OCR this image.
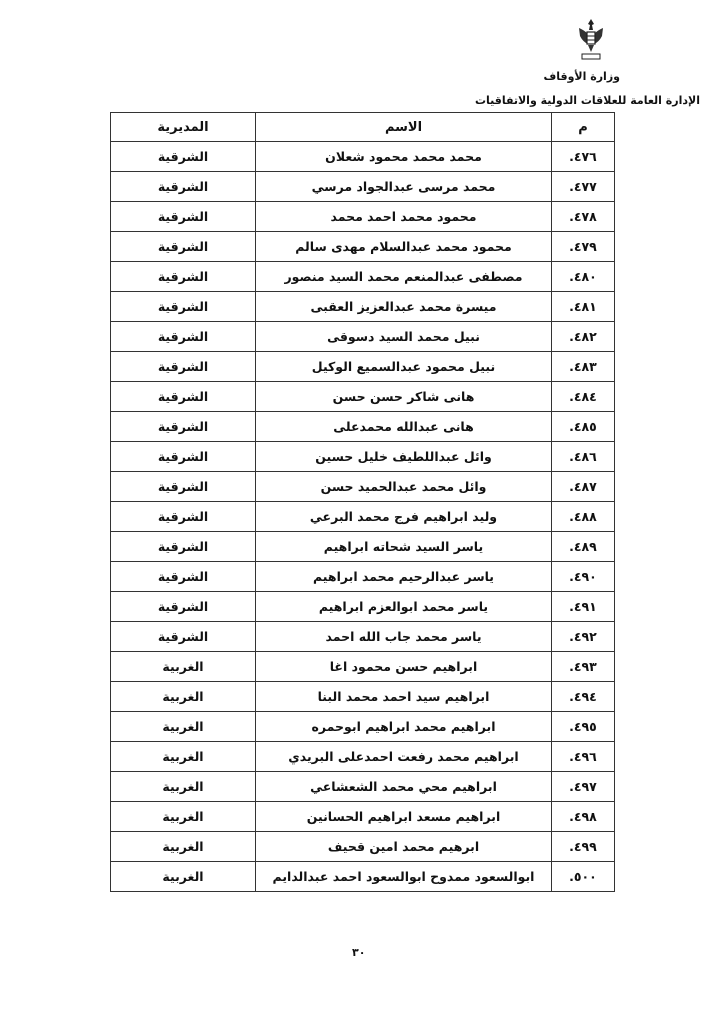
وزارة الأوقاف
الإدارة العامة للعلاقات الدولية والاتفاقيات
م	الاسم	المديرية
٤٧٦.	محمد محمد محمود شعلان	الشرقية
٤٧٧.	محمد مرسى عبدالجواد مرسي	الشرقية
٤٧٨.	محمود محمد احمد محمد	الشرقية
٤٧٩.	محمود محمد عبدالسلام مهدى سالم	الشرقية
٤٨٠.	مصطفى عبدالمنعم محمد السيد منصور	الشرقية
٤٨١.	ميسرة محمد عبدالعزيز العقبى	الشرقية
٤٨٢.	نبيل محمد السيد دسوقى	الشرقية
٤٨٣.	نبيل محمود عبدالسميع الوكيل	الشرقية
٤٨٤.	هانى شاكر حسن حسن	الشرقية
٤٨٥.	هانى عبدالله محمدعلى	الشرقية
٤٨٦.	وائل عبداللطيف خليل حسين	الشرقية
٤٨٧.	وائل محمد عبدالحميد حسن	الشرقية
٤٨٨.	وليد ابراهيم فرج محمد البرعي	الشرقية
٤٨٩.	ياسر السيد شحاته ابراهيم	الشرقية
٤٩٠.	ياسر عبدالرحيم محمد ابراهيم	الشرقية
٤٩١.	ياسر محمد ابوالعزم ابراهيم	الشرقية
٤٩٢.	ياسر محمد جاب الله احمد	الشرقية
٤٩٣.	ابراهيم حسن محمود اغا	الغربية
٤٩٤.	ابراهيم سيد احمد محمد البنا	الغربية
٤٩٥.	ابراهيم محمد ابراهيم ابوحمره	الغربية
٤٩٦.	ابراهيم محمد رفعت احمدعلى البريدي	الغربية
٤٩٧.	ابراهيم محي محمد الشعشاعي	الغربية
٤٩٨.	ابراهيم مسعد ابراهيم الحسانين	الغربية
٤٩٩.	ابرهيم محمد امين قحيف	الغربية
٥٠٠.	ابوالسعود ممدوح ابوالسعود احمد عبدالدايم	الغربية
٣٠
